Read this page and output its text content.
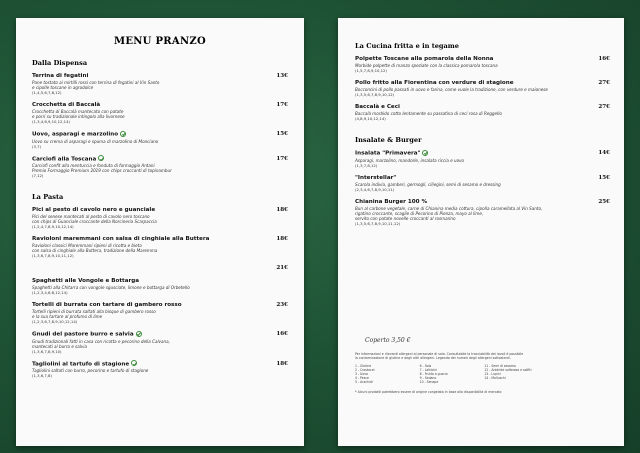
MENU PRANZO
Dalla Dispensa
Terrina di fegatini
Pane tostato ai mirtilli rossi con terrina di fegatini al Vin Santo
e cipolle toscane in agrodolce
(1,4,5,6,7,8,12)
13€
Crocchetta di Baccalà
Crocchetta di Baccalà mantecato con patate
e porri su tradizionale intingolo alla livornese
(1,3,4,6,9,10,12,14)
17€
Uovo, asparagi e marzolino
Uovo su crema di asparagi e spuma di marzolino di Monciano
(3,7)
15€
Carciofi alla Toscana
Carciofi confit alla mentuccia e fonduta di formaggio Antani
Premio Formaggio Premium 2019 con chips croccanti di topinambur
(7,12)
17€
La Pasta
Pici al pesto di cavolo nero e guanciale
Pici del senese mantecati al pesto di cavolo nero toscano
con chips di Guanciale croccante della Norcineria Scarpaccia
(1,2,4,7,8,9,10,12,14)
18€
Ravioloni maremmani con salsa di cinghiale alla Buttera
Ravioloni classici Maremmani ripieni di ricotta e bieta
con salsa di cinghiale alla Buttera, tradizione della Maremma
(1,3,6,7,8,9,10,11,12)
18€
21€
Spaghetti alle Vongole e Bottarga
Spaghetti alla Chitarra con vongole sgusciate, limone e bottarga di Orbetello
(1,2,3,4,6,8,12,14)
Tortelli di burrata con tartare di gambero rosso
Tortelli ripieni di burrata saltati alla bisque di gambero rosso
e la sua tartare al profumo di lime
(1,2,3,6,7,8,9,10,12,14)
23€
Gnudi del pastore burro e salvia
Gnudi tradizionali fatti in casa con ricotta e pecorino della Calvana,
mantecati al burro e salvia
(1,3,6,7,8,9,10)
16€
Tagliolini al tartufo di stagione
Tagliolini saltati con burro, pecorino e tartufo di stagione
(1,3,6,7,8)
18€
La Cucina fritta e in tegame
Polpette Toscane alla pomarola della Nonna
Morbide polpette di manzo speziate con la classica pomarola toscana
(1,5,7,8,9,10,12)
16€
Pollo fritto alla Fiorentina con verdure di stagione
Bocconcini di pollo passati in uovo e farina, come vuole la tradizione, con verdure e maionese
(1,3,5,6,7,8,9,10,12)
27€
Baccalà e Ceci
Baccalà morbido cotto lentamente su passatina di ceci rosa di Reggello
(4,8,9,10,12,14)
27€
Insalate & Burger
Insalata "Primavera"
Asparagi, marzolino, mandorle, insalata riccia e uovo
(1,3,7,8,12)
14€
"Interstellar"
Scarola indivia, gamberi, germogli, ciliegini, semi di sesamo e dressing
(2,3,4,6,7,8,9,10,11)
15€
Chianina Burger 100 %
Bun al carbone vegetale, carne di Chianina media cottura, cipolla caramellata al Vin Santo,
rigatino croccante, scaglie di Pecorino di Pienza, mayo al lime,
servito con patate novelle croccanti al rosmarino
(1,3,5,6,7,8,9,10,11,12)
25€
Coperto 3,50 €
Per informazioni e rilevanti allergeni al personale di sala. Consultabile la tracciabilità dei lavoli è possibile
la contaminazione di glutine e degli altri allergeni. Legenda dei numeri degli allergeni sottostanti.
1 - Glutine	6 - Soia	11 - Semi di sesamo
2 - Crostacei	7 - Latticini	12 - Anidride solforosa e solfiti
3 - Uova	8 - Frutta a guscio	13 - Lupini
4 - Pesce	9 - Sedano	14 - Molluschi
5 - Arachidi	10 - Senape
* Alcuni prodotti potrebbero essere di origine congelata in base alla disponibilità di mercato
